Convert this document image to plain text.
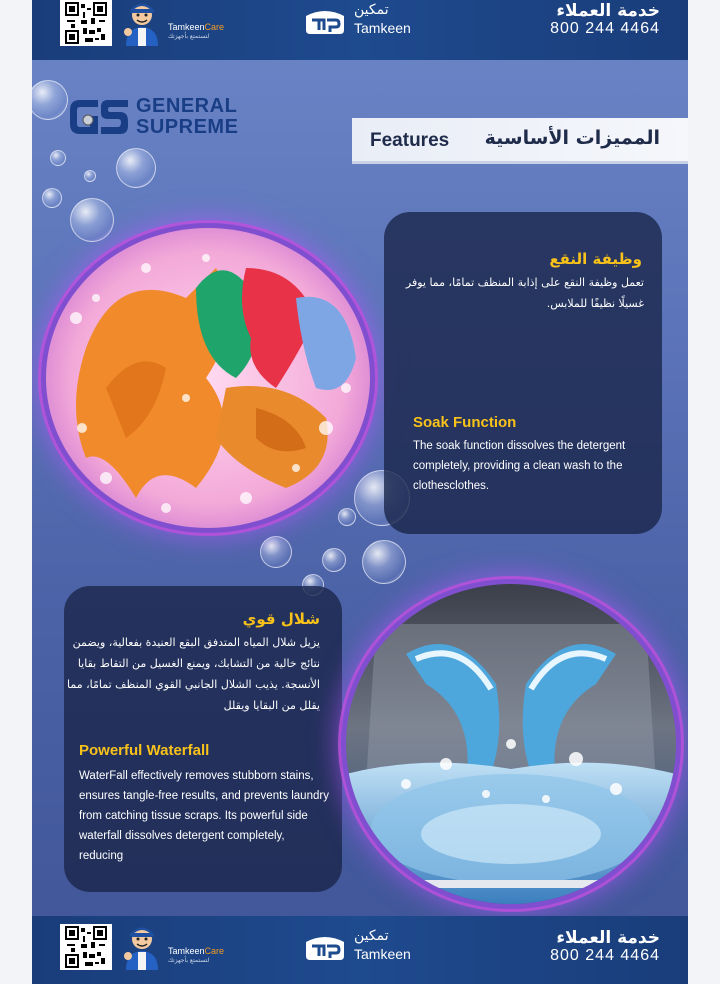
TamkeenCare
لتستمتع بأجهزتك
تمكين
Tamkeen
خدمة العملاء
800 244 4464
GENERAL
SUPREME
Features المميزات الأساسية
وظيفة النقع
تعمل وظيفة النقع على إذابة المنظف تمامًا، مما يوفر غسيلًا نظيفًا للملابس.
Soak Function
The soak function dissolves the detergent completely, providing a clean wash to the clothesclothes.
شلال قوي
يزيل شلال المياه المتدفق البقع العنيدة بفعالية، ويضمن نتائج خالية من التشابك، ويمنع الغسيل من التقاط بقايا الأنسجة. يذيب الشلال الجانبي القوي المنظف تمامًا، مما يقلل من البقايا ويقلل
Powerful Waterfall
WaterFall effectively removes stubborn stains, ensures tangle-free results, and prevents laundry from catching tissue scraps. Its powerful side waterfall dissolves detergent completely, reducing
TamkeenCare
لتستمتع بأجهزتك
تمكين
Tamkeen
خدمة العملاء
800 244 4464
